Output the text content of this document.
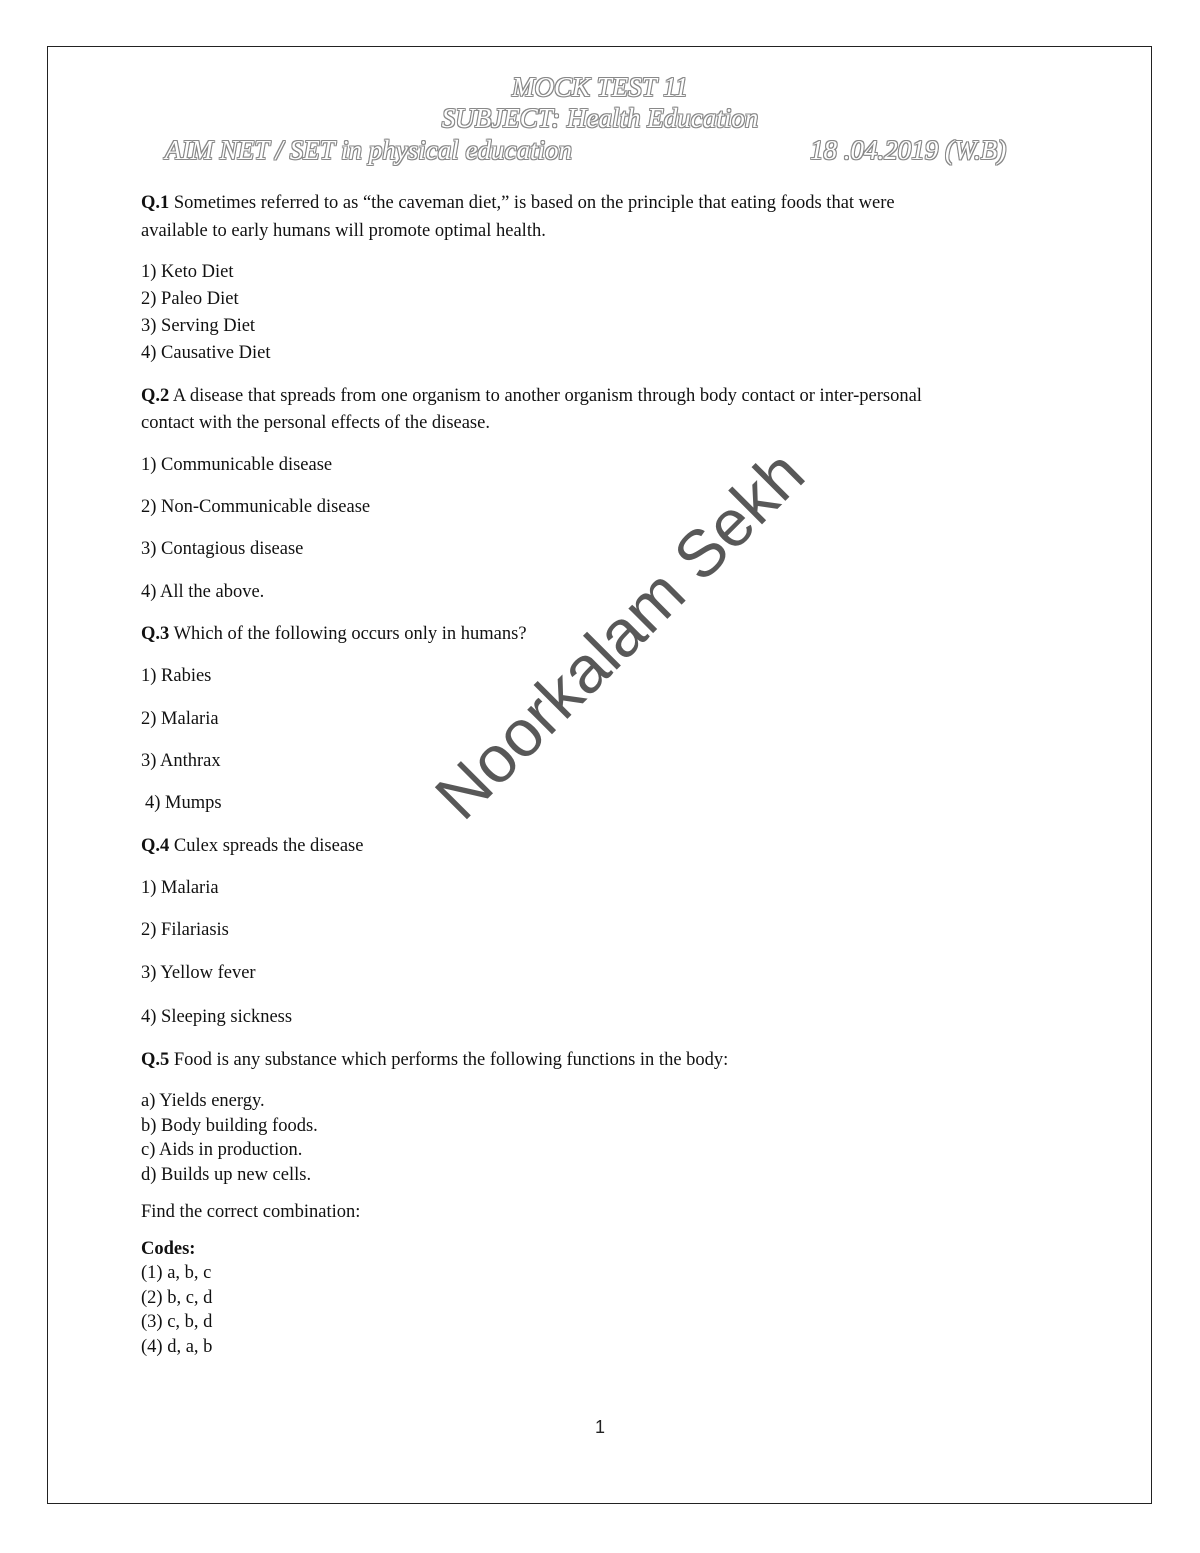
MOCK TEST 11
SUBJECT: Health Education
AIM NET / SET in physical education	18 .04.2019 (W.B)
Q.1 Sometimes referred to as “the caveman diet,” is based on the principle that eating foods that were
available to early humans will promote optimal health.
1) Keto Diet
2) Paleo Diet
3) Serving Diet
4) Causative Diet
Q.2 A disease that spreads from one organism to another organism through body contact or inter-personal
contact with the personal effects of the disease.
1) Communicable disease
2) Non-Communicable disease
3) Contagious disease
4) All the above.
Q.3 Which of the following occurs only in humans?
1) Rabies
2) Malaria
3) Anthrax
4) Mumps
Q.4 Culex spreads the disease
1) Malaria
2) Filariasis
3) Yellow fever
4) Sleeping sickness
Q.5 Food is any substance which performs the following functions in the body:
a) Yields energy.
b) Body building foods.
c) Aids in production.
d) Builds up new cells.
Find the correct combination:
Codes:
(1) a, b, c
(2) b, c, d
(3) c, b, d
(4) d, a, b
Noorkalam Sekh
1
